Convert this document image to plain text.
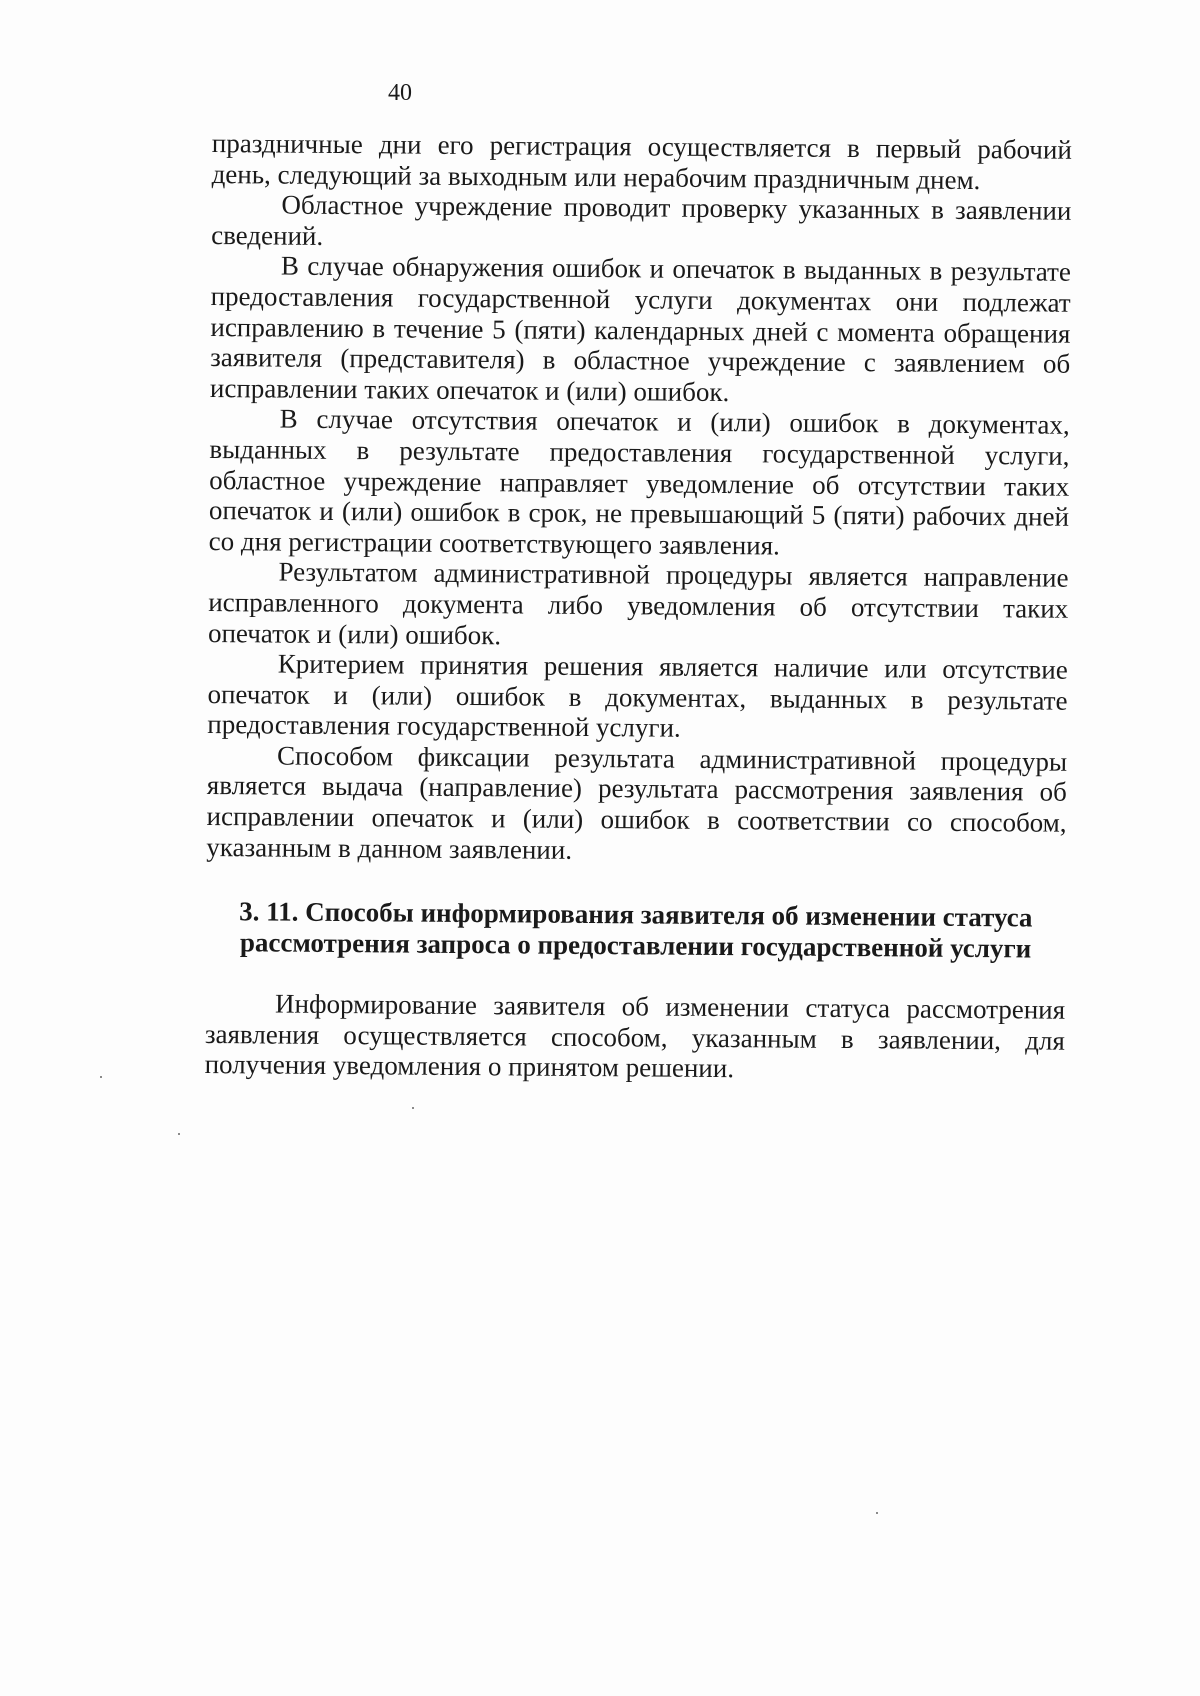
40

праздничные дни его регистрация осуществляется в первый рабочий день, следующий за выходным или нерабочим праздничным днем.

Областное учреждение проводит проверку указанных в заявлении сведений.

В случае обнаружения ошибок и опечаток в выданных в результате предоставления государственной услуги документах они подлежат исправлению в течение 5 (пяти) календарных дней с момента обращения заявителя (представителя) в областное учреждение с заявлением об исправлении таких опечаток и (или) ошибок.

В случае отсутствия опечаток и (или) ошибок в документах, выданных в результате предоставления государственной услуги, областное учреждение направляет уведомление об отсутствии таких опечаток и (или) ошибок в срок, не превышающий 5 (пяти) рабочих дней со дня регистрации соответствующего заявления.

Результатом административной процедуры является направление исправленного документа либо уведомления об отсутствии таких опечаток и (или) ошибок.

Критерием принятия решения является наличие или отсутствие опечаток и (или) ошибок в документах, выданных в результате предоставления государственной услуги.

Способом фиксации результата административной процедуры является выдача (направление) результата рассмотрения заявления об исправлении опечаток и (или) ошибок в соответствии со способом, указанным в данном заявлении.

3. 11. Способы информирования заявителя об изменении статуса
рассмотрения запроса о предоставлении государственной услуги

Информирование заявителя об изменении статуса рассмотрения заявления осуществляется способом, указанным в заявлении, для получения уведомления о принятом решении.
